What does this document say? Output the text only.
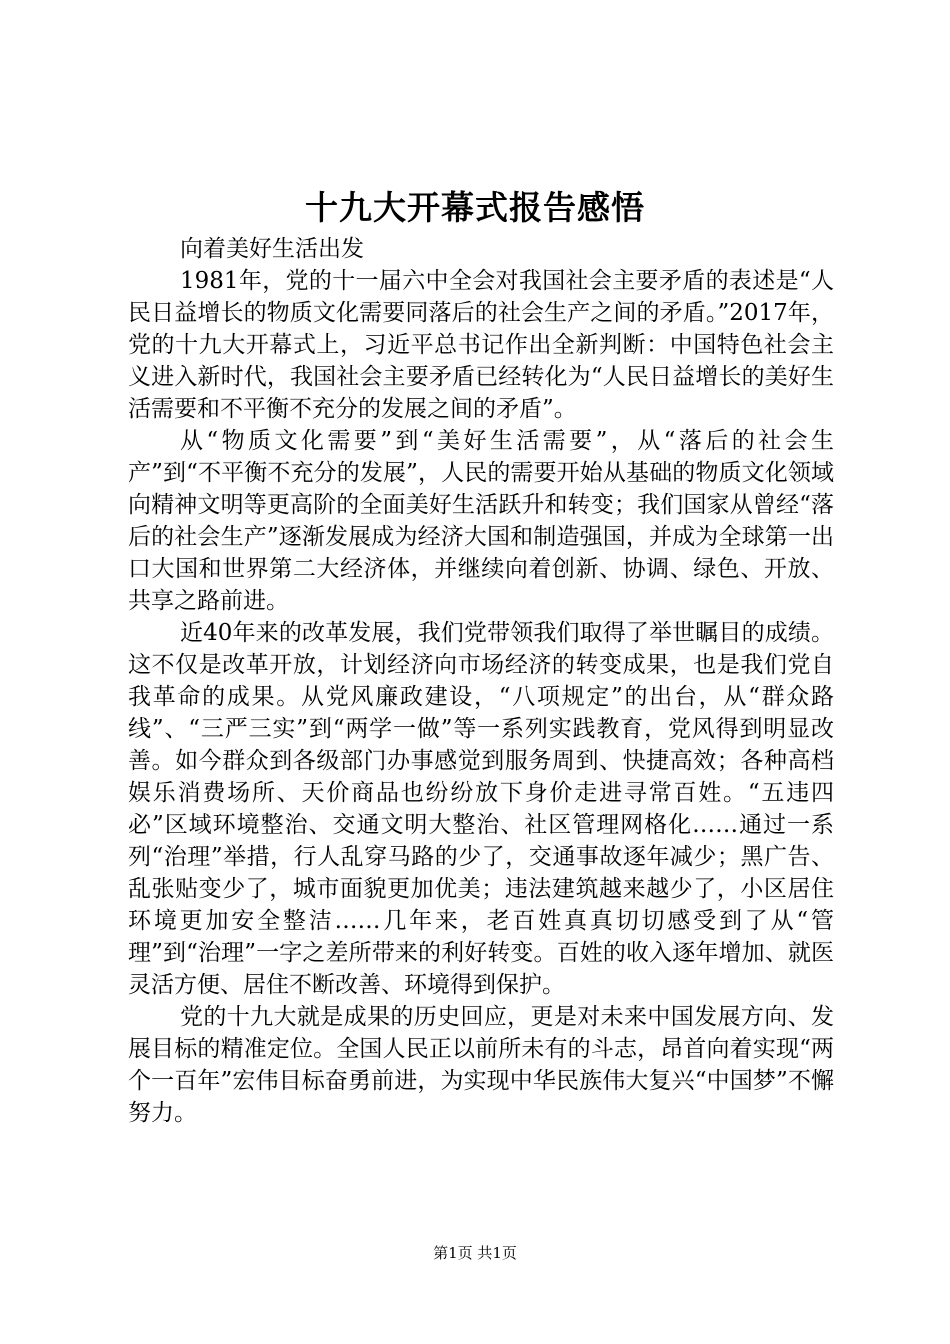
十九大开幕式报告感悟

向着美好生活出发

1981年，党的十一届六中全会对我国社会主要矛盾的表述是“人民日益增长的物质文化需要同落后的社会生产之间的矛盾。”2017年，党的十九大开幕式上，习近平总书记作出全新判断：中国特色社会主义进入新时代，我国社会主要矛盾已经转化为“人民日益增长的美好生活需要和不平衡不充分的发展之间的矛盾”。

从“物质文化需要”到“美好生活需要”，从“落后的社会生产”到“不平衡不充分的发展”，人民的需要开始从基础的物质文化领域向精神文明等更高阶的全面美好生活跃升和转变；我们国家从曾经“落后的社会生产”逐渐发展成为经济大国和制造强国，并成为全球第一出口大国和世界第二大经济体，并继续向着创新、协调、绿色、开放、共享之路前进。

近40年来的改革发展，我们党带领我们取得了举世瞩目的成绩。这不仅是改革开放，计划经济向市场经济的转变成果，也是我们党自我革命的成果。从党风廉政建设，“八项规定”的出台，从“群众路线”、“三严三实”到“两学一做”等一系列实践教育，党风得到明显改善。如今群众到各级部门办事感觉到服务周到、快捷高效；各种高档娱乐消费场所、天价商品也纷纷放下身价走进寻常百姓。“五违四必”区域环境整治、交通文明大整治、社区管理网格化……通过一系列“治理”举措，行人乱穿马路的少了，交通事故逐年减少；黑广告、乱张贴变少了，城市面貌更加优美；违法建筑越来越少了，小区居住环境更加安全整洁……几年来，老百姓真真切切感受到了从“管理”到“治理”一字之差所带来的利好转变。百姓的收入逐年增加、就医灵活方便、居住不断改善、环境得到保护。

党的十九大就是成果的历史回应，更是对未来中国发展方向、发展目标的精准定位。全国人民正以前所未有的斗志，昂首向着实现“两个一百年”宏伟目标奋勇前进，为实现中华民族伟大复兴“中国梦”不懈努力。

第1页 共1页
